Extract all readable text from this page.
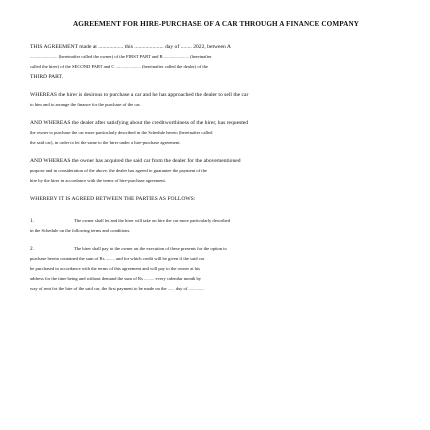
AGREEMENT FOR HIRE-PURCHASE OF A CAR THROUGH A FINANCE COMPANY

THIS AGREEMENT made at .................. this ..................... day of ........ 2022, between A

........................ (hereinafter called the owner) of the FIRST PART and B ...................... (hereinafter

called the hirer) of the SECOND PART and C ...................... (hereinafter called the dealer) of the

THIRD PART.

WHEREAS the hirer is desirous to purchase a car and he has approached the dealer to sell the car

to him and to arrange the finance for the purchase of the car.

AND WHEREAS the dealer after satisfying about the creditworthiness of the hirer, has requested

the owner to purchase the car more particularly described in the Schedule hereto (hereinafter called

the said car), in order to let the same to the hirer under a hire-purchase agreement.

AND WHEREAS the owner has acquired the said car from the dealer for the abovementioned

purpose and in consideration of the above, the dealer has agreed to guarantee the payment of the

hire by the hirer in accordance with the terms of hire-purchase agreement.

WHEREBY IT IS AGREED BETWEEN THE PARTIES AS FOLLOWS:

1.	The owner shall let and the hirer will take on hire the car more particularly described

in the Schedule on the following terms and conditions.

2.	The hirer shall pay to the owner on the execution of these presents for the option to

purchase herein contained the sum of Rs ........ and for which credit will be given if the said car

be purchased in accordance with the terms of this agreement and will pay to the owner at his

address for the time being and without demand the sum of Rs ......... every calendar month by

way of rent for the hire of the said car, the first payment to be made on the ...... day of ..............
